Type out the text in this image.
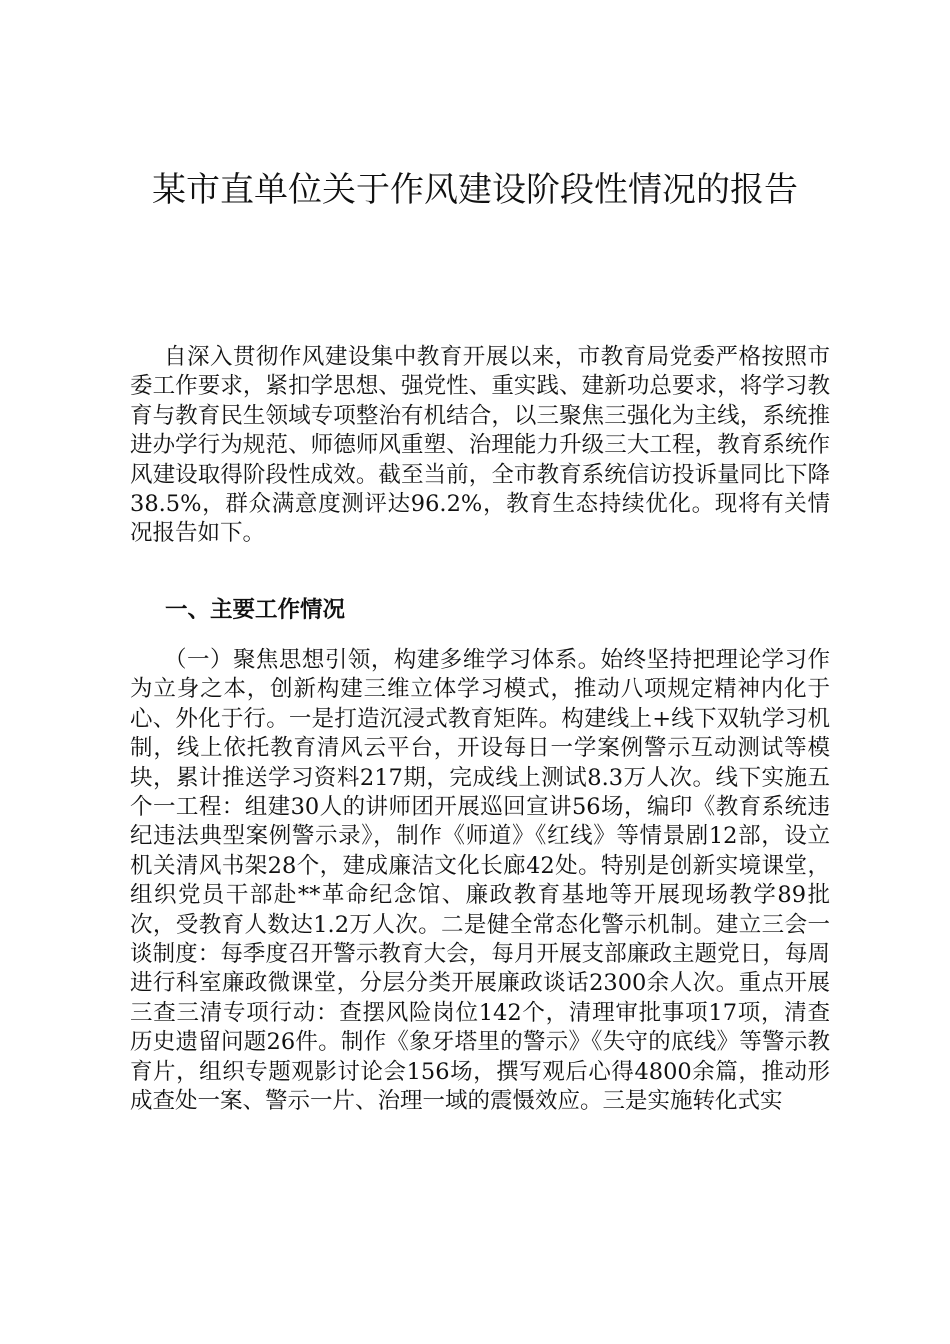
某市直单位关于作风建设阶段性情况的报告

自深入贯彻作风建设集中教育开展以来，市教育局党委严格按照市委工作要求，紧扣学思想、强党性、重实践、建新功总要求，将学习教育与教育民生领域专项整治有机结合，以三聚焦三强化为主线，系统推进办学行为规范、师德师风重塑、治理能力升级三大工程，教育系统作风建设取得阶段性成效。截至当前，全市教育系统信访投诉量同比下降38.5%，群众满意度测评达96.2%，教育生态持续优化。现将有关情况报告如下。

一、主要工作情况

（一）聚焦思想引领，构建多维学习体系。始终坚持把理论学习作为立身之本，创新构建三维立体学习模式，推动八项规定精神内化于心、外化于行。一是打造沉浸式教育矩阵。构建线上+线下双轨学习机制，线上依托教育清风云平台，开设每日一学案例警示互动测试等模块，累计推送学习资料217期，完成线上测试8.3万人次。线下实施五个一工程：组建30人的讲师团开展巡回宣讲56场，编印《教育系统违纪违法典型案例警示录》，制作《师道》《红线》等情景剧12部，设立机关清风书架28个，建成廉洁文化长廊42处。特别是创新实境课堂，组织党员干部赴**革命纪念馆、廉政教育基地等开展现场教学89批次，受教育人数达1.2万人次。二是健全常态化警示机制。建立三会一谈制度：每季度召开警示教育大会，每月开展支部廉政主题党日，每周进行科室廉政微课堂，分层分类开展廉政谈话2300余人次。重点开展三查三清专项行动：查摆风险岗位142个，清理审批事项17项，清查历史遗留问题26件。制作《象牙塔里的警示》《失守的底线》等警示教育片，组织专题观影讨论会156场，撰写观后心得4800余篇，推动形成查处一案、警示一片、治理一域的震慑效应。三是实施转化式实
